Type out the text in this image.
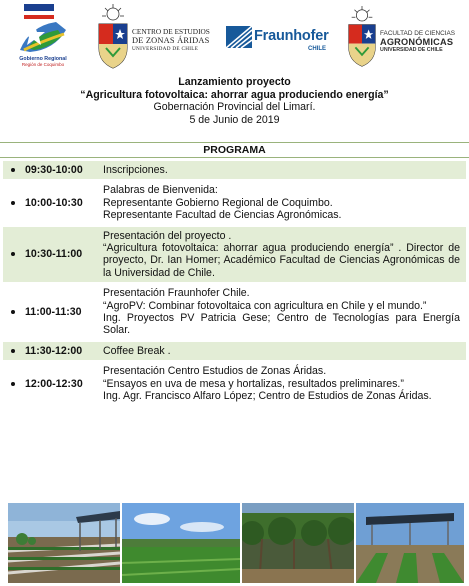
Gobierno Regional
Región de Coquimbo
CENTRO DE ESTUDIOS
DE ZONAS ÁRIDAS
UNIVERSIDAD DE CHILE
Fraunhofer
CHILE
FACULTAD DE CIENCIAS
AGRONÓMICAS
UNIVERSIDAD DE CHILE
Lanzamiento proyecto
“Agricultura fotovoltaica: ahorrar agua produciendo energía”
Gobernación Provincial del Limarí.
5 de Junio de 2019
PROGRAMA
09:30-10:00 Inscripciones.
10:00-10:30
Palabras de Bienvenida:
Representante Gobierno Regional de Coquimbo.
Representante Facultad de Ciencias Agronómicas.
10:30-11:00
Presentación del proyecto .
“Agricultura fotovoltaica: ahorrar agua produciendo energía” . Director de proyecto, Dr. Ian Homer; Académico Facultad de Ciencias Agronómicas de la Universidad de Chile.
11:00-11:30
Presentación Fraunhofer Chile.
“AgroPV: Combinar fotovoltaica con agricultura en Chile y el mundo.”
Ing. Proyectos PV Patricia Gese; Centro de Tecnologías para Energía Solar.
11:30-12:00 Coffee Break .
12:00-12:30
Presentación Centro Estudios de Zonas Áridas.
“Ensayos en uva de mesa y hortalizas, resultados preliminares.”
Ing. Agr. Francisco Alfaro López; Centro de Estudios de Zonas Áridas.
